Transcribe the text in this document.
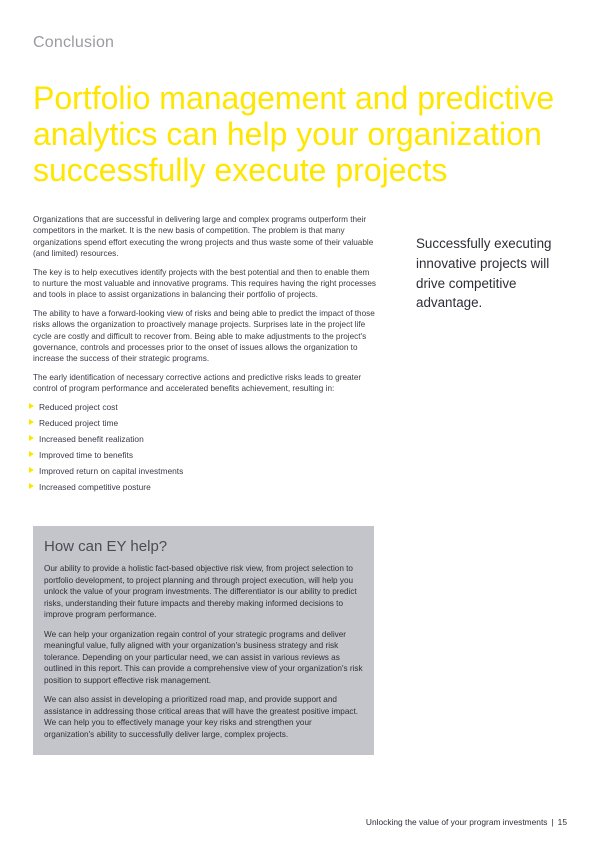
Conclusion
Portfolio management and predictive analytics can help your organization successfully execute projects

Organizations that are successful in delivering large and complex programs outperform their competitors in the market. It is the new basis of competition. The problem is that many organizations spend effort executing the wrong projects and thus waste some of their valuable (and limited) resources.

The key is to help executives identify projects with the best potential and then to enable them to nurture the most valuable and innovative programs. This requires having the right processes and tools in place to assist organizations in balancing their portfolio of projects.

The ability to have a forward-looking view of risks and being able to predict the impact of those risks allows the organization to proactively manage projects. Surprises late in the project life cycle are costly and difficult to recover from. Being able to make adjustments to the project's governance, controls and processes prior to the onset of issues allows the organization to increase the success of their strategic programs.

The early identification of necessary corrective actions and predictive risks leads to greater control of program performance and accelerated benefits achievement, resulting in:

Reduced project cost
Reduced project time
Increased benefit realization
Improved time to benefits
Improved return on capital investments
Increased competitive posture
Successfully executing innovative projects will drive competitive advantage.
How can EY help?

Our ability to provide a holistic fact-based objective risk view, from project selection to portfolio development, to project planning and through project execution, will help you unlock the value of your program investments. The differentiator is our ability to predict risks, understanding their future impacts and thereby making informed decisions to improve program performance.

We can help your organization regain control of your strategic programs and deliver meaningful value, fully aligned with your organization's business strategy and risk tolerance. Depending on your particular need, we can assist in various reviews as outlined in this report. This can provide a comprehensive view of your organization's risk position to support effective risk management.

We can also assist in developing a prioritized road map, and provide support and assistance in addressing those critical areas that will have the greatest positive impact. We can help you to effectively manage your key risks and strengthen your organization's ability to successfully deliver large, complex projects.

Unlocking the value of your program investments | 15
